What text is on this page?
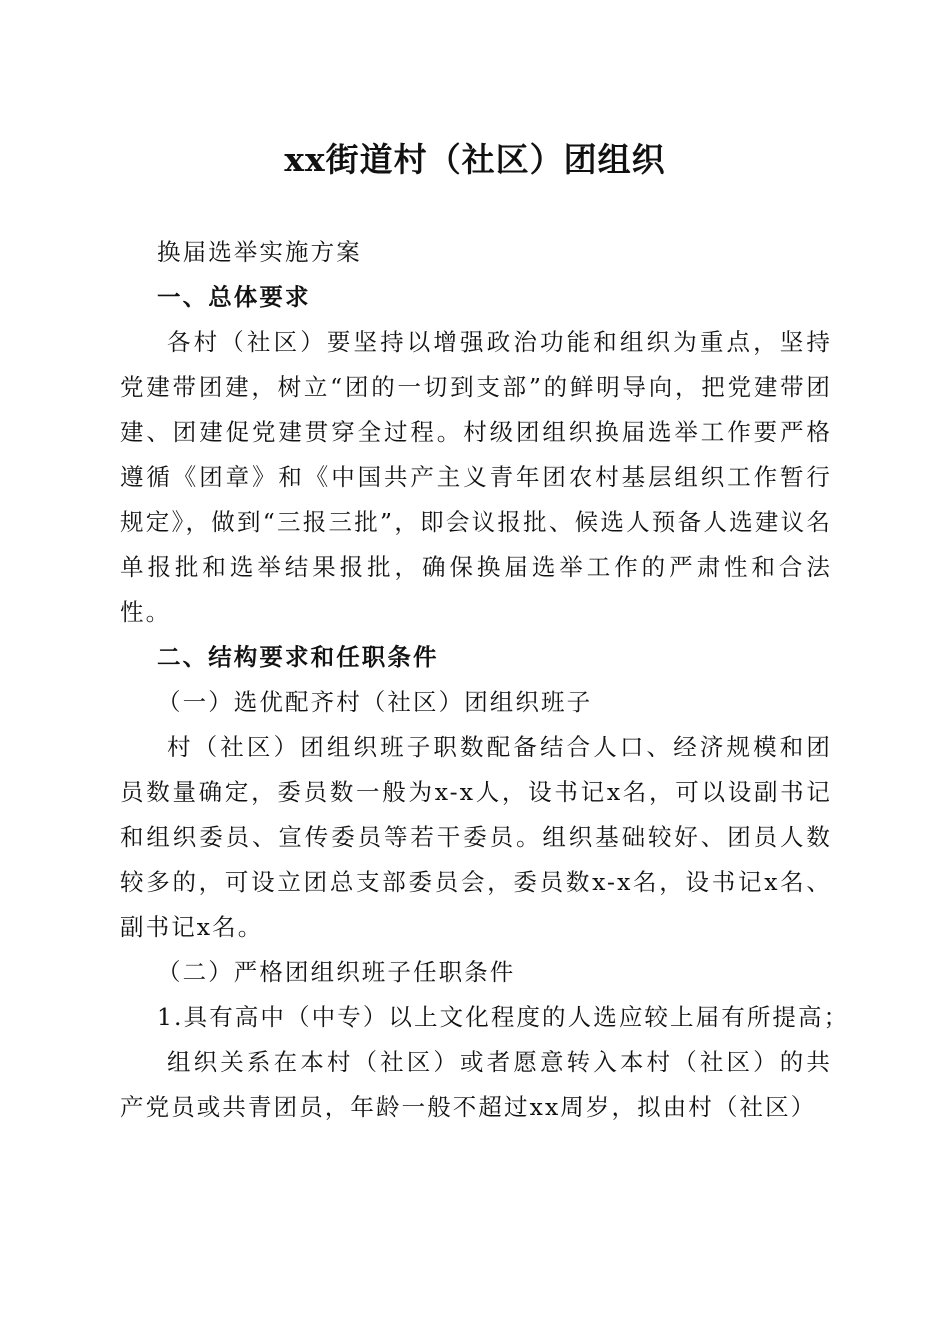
xx街道村（社区）团组织
换届选举实施方案
一、总体要求

各村（社区）要坚持以增强政治功能和组织为重点，坚持党建带团建，树立“团的一切到支部”的鲜明导向，把党建带团建、团建促党建贯穿全过程。村级团组织换届选举工作要严格遵循《团章》和《中国共产主义青年团农村基层组织工作暂行规定》，做到“三报三批”，即会议报批、候选人预备人选建议名单报批和选举结果报批，确保换届选举工作的严肃性和合法性。

二、结构要求和任职条件
（一）选优配齐村（社区）团组织班子

村（社区）团组织班子职数配备结合人口、经济规模和团员数量确定，委员数一般为x-x人，设书记x名，可以设副书记和组织委员、宣传委员等若干委员。组织基础较好、团员人数较多的，可设立团总支部委员会，委员数x-x名，设书记x名、副书记x名。

（二）严格团组织班子任职条件
1.具有高中（中专）以上文化程度的人选应较上届有所提高；

组织关系在本村（社区）或者愿意转入本村（社区）的共产党员或共青团员，年龄一般不超过xx周岁，拟由村（社区）
